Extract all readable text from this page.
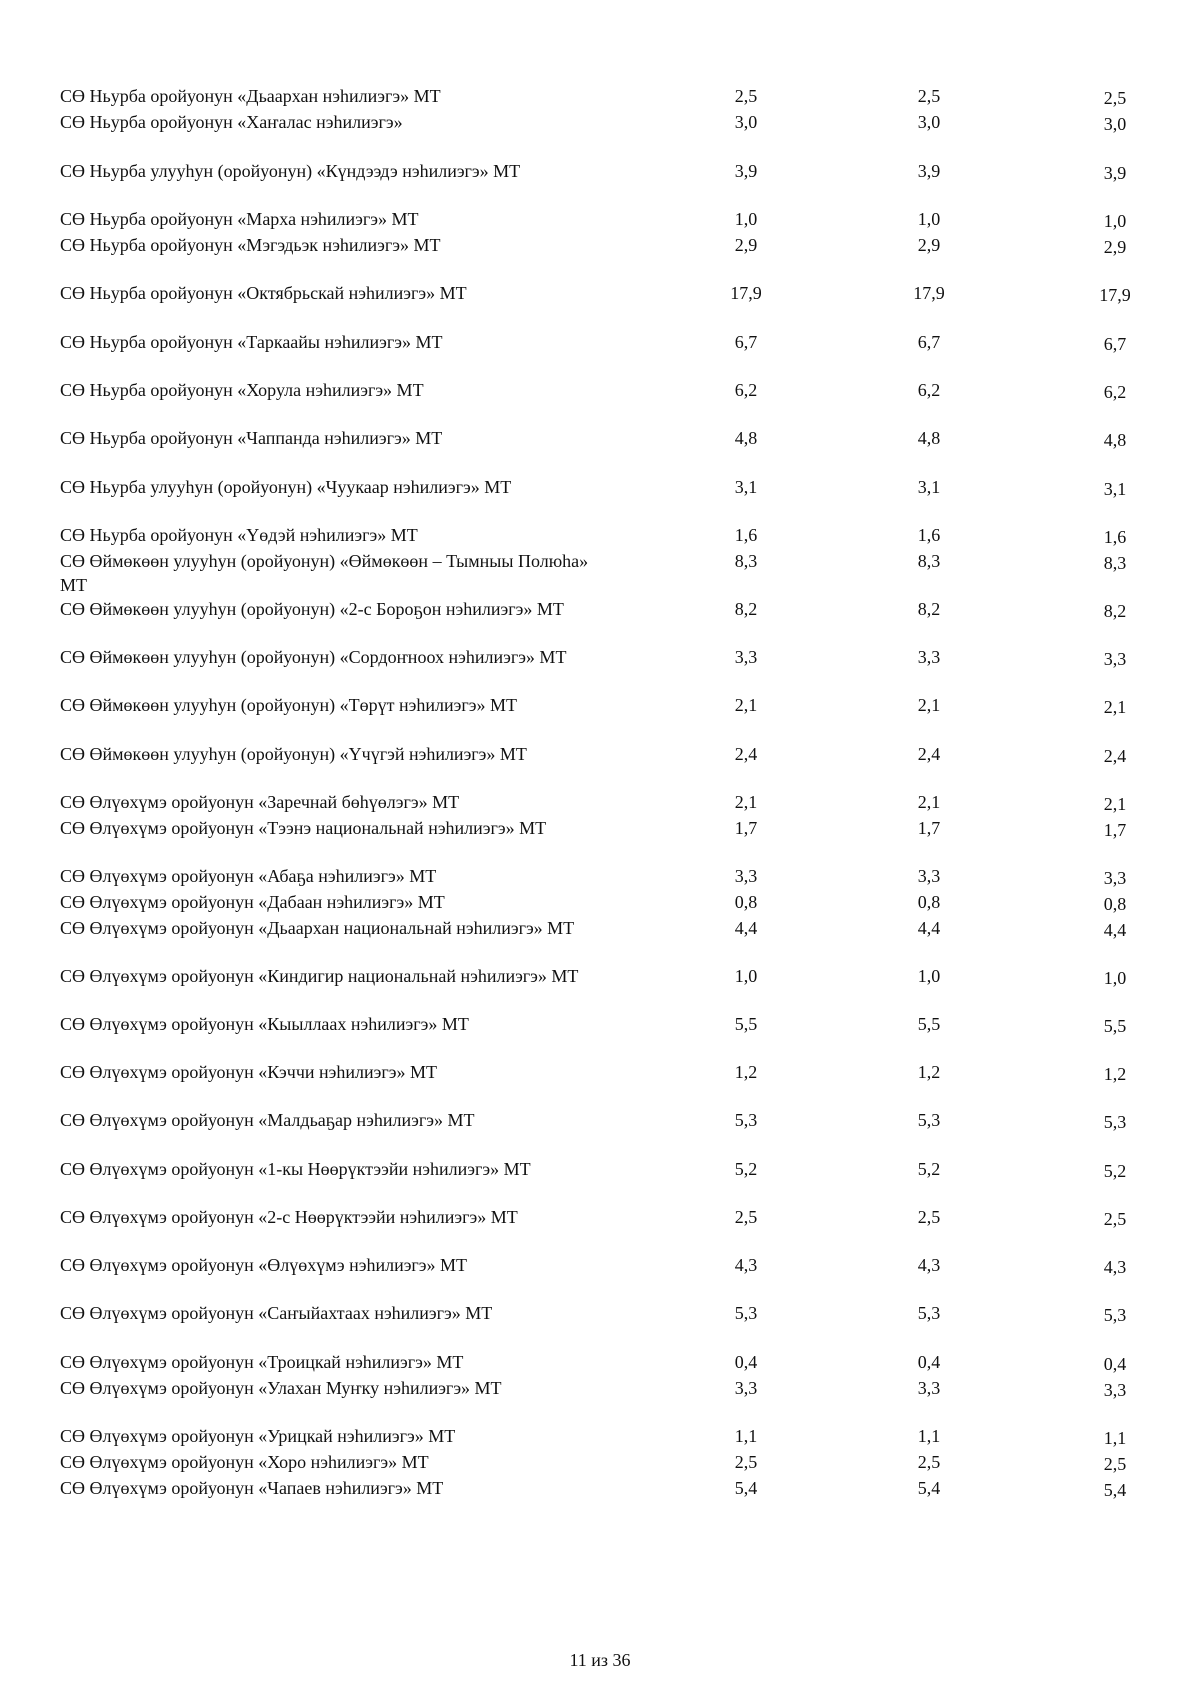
СӨ Ньурба оройуонун «Дьаархан нэһилиэгэ» МТ	2,5	2,5	2,5
СӨ Ньурба оройуонун «Хаҥалас нэһилиэгэ»	3,0	3,0	3,0
СӨ Ньурба улууһун (оройуонун) «Күндээдэ нэһилиэгэ» МТ	3,9	3,9	3,9
СӨ Ньурба оройуонун «Марха нэһилиэгэ» МТ	1,0	1,0	1,0
СӨ Ньурба оройуонун «Мэгэдьэк нэһилиэгэ» МТ	2,9	2,9	2,9
СӨ Ньурба оройуонун «Октябрьскай нэһилиэгэ» МТ	17,9	17,9	17,9
СӨ Ньурба оройуонун «Таркаайы нэһилиэгэ» МТ	6,7	6,7	6,7
СӨ Ньурба оройуонун «Хорула нэһилиэгэ» МТ	6,2	6,2	6,2
СӨ Ньурба оройуонун «Чаппанда нэһилиэгэ» МТ	4,8	4,8	4,8
СӨ Ньурба улууһун (оройуонун) «Чуукаар нэһилиэгэ» МТ	3,1	3,1	3,1
СӨ Ньурба оройуонун «Үөдэй нэһилиэгэ» МТ	1,6	1,6	1,6
СӨ Өймөкөөн улууһун (оройуонун) «Өймөкөөн – Тымныы Полюһа» МТ
8,3	8,3	8,3
СӨ Өймөкөөн улууһун (оройуонун) «2-с Бороҕон нэһилиэгэ» МТ	8,2	8,2	8,2
СӨ Өймөкөөн улууһун (оройуонун) «Сордоҥноох нэһилиэгэ» МТ	3,3	3,3	3,3
СӨ Өймөкөөн улууһун (оройуонун) «Төрүт нэһилиэгэ» МТ	2,1	2,1	2,1
СӨ Өймөкөөн улууһун (оройуонун) «Үчүгэй нэһилиэгэ» МТ	2,4	2,4	2,4
СӨ Өлүөхүмэ оройуонун «Заречнай бөһүөлэгэ» МТ	2,1	2,1	2,1
СӨ Өлүөхүмэ оройуонун «Тээнэ национальнай нэһилиэгэ» МТ	1,7	1,7	1,7
СӨ Өлүөхүмэ оройуонун «Абаҕа нэһилиэгэ» МТ	3,3	3,3	3,3
СӨ Өлүөхүмэ оройуонун «Дабаан нэһилиэгэ» МТ	0,8	0,8	0,8
СӨ Өлүөхүмэ оройуонун «Дьаархан национальнай нэһилиэгэ» МТ	4,4	4,4	4,4
СӨ Өлүөхүмэ оройуонун «Киндигир национальнай нэһилиэгэ» МТ	1,0	1,0	1,0
СӨ Өлүөхүмэ оройуонун «Кыыллаах нэһилиэгэ» МТ	5,5	5,5	5,5
СӨ Өлүөхүмэ оройуонун «Кэччи нэһилиэгэ» МТ	1,2	1,2	1,2
СӨ Өлүөхүмэ оройуонун «Малдьаҕар нэһилиэгэ» МТ	5,3	5,3	5,3
СӨ Өлүөхүмэ оройуонун «1-кы Нөөрүктээйи нэһилиэгэ» МТ	5,2	5,2	5,2
СӨ Өлүөхүмэ оройуонун «2-с Нөөрүктээйи нэһилиэгэ» МТ	2,5	2,5	2,5
СӨ Өлүөхүмэ оройуонун «Өлүөхүмэ нэһилиэгэ» МТ	4,3	4,3	4,3
СӨ Өлүөхүмэ оройуонун «Саҥыйахтаах нэһилиэгэ» МТ	5,3	5,3	5,3
СӨ Өлүөхүмэ оройуонун «Троицкай нэһилиэгэ» МТ	0,4	0,4	0,4
СӨ Өлүөхүмэ оройуонун «Улахан Муҥку нэһилиэгэ» МТ	3,3	3,3	3,3
СӨ Өлүөхүмэ оройуонун «Урицкай нэһилиэгэ» МТ	1,1	1,1	1,1
СӨ Өлүөхүмэ оройуонун «Хоро нэһилиэгэ» МТ	2,5	2,5	2,5
СӨ Өлүөхүмэ оройуонун «Чапаев нэһилиэгэ» МТ	5,4	5,4	5,4
11 из 36
